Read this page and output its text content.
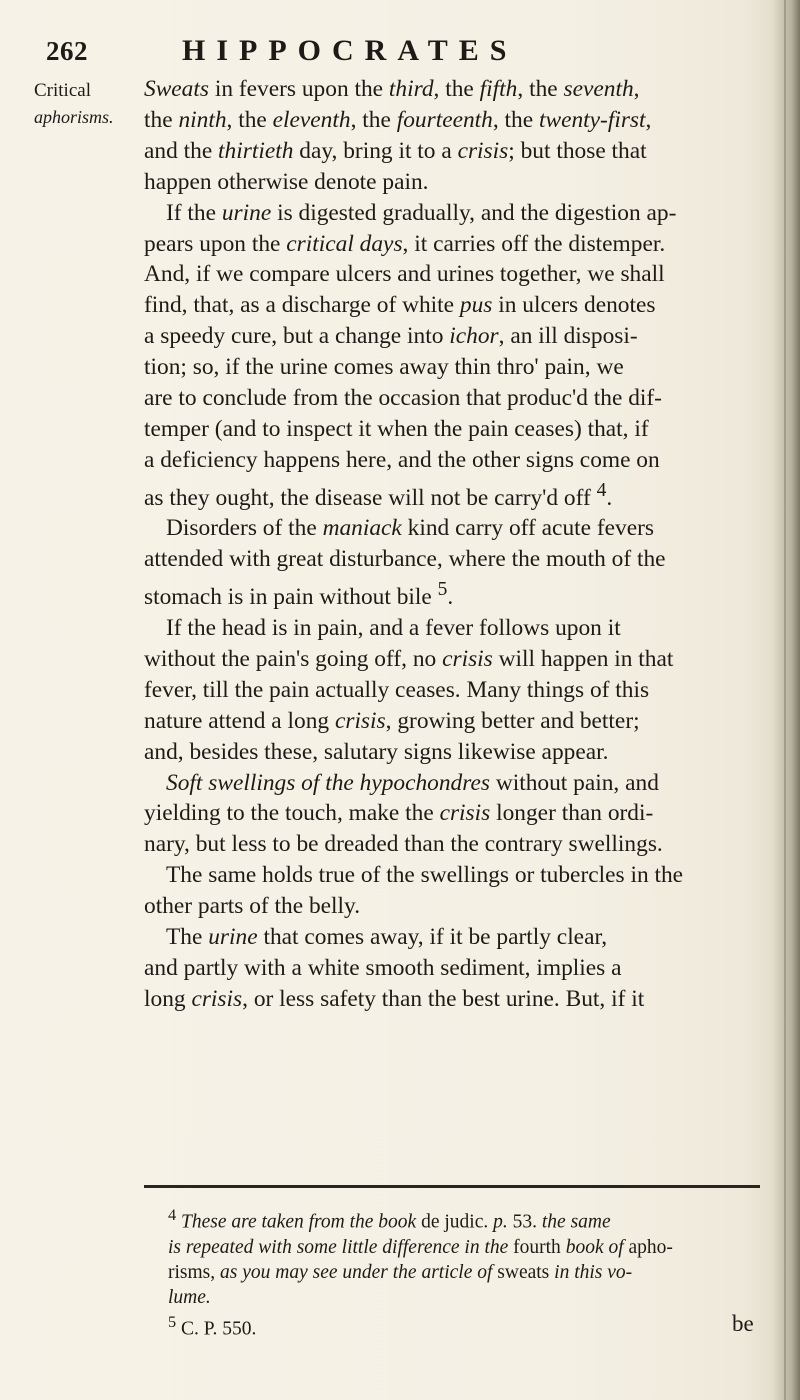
262	HIPPOCRATES
Critical
aphorisms.
Sweats in fevers upon the third, the fifth, the seventh,
the ninth, the eleventh, the fourteenth, the twenty-first,
and the thirtieth day, bring it to a crisis; but those that
happen otherwise denote pain.
If the urine is digested gradually, and the digestion ap-
pears upon the critical days, it carries off the distemper.
And, if we compare ulcers and urines together, we shall
find, that, as a discharge of white pus in ulcers denotes
a speedy cure, but a change into ichor, an ill disposi-
tion; so, if the urine comes away thin thro' pain, we
are to conclude from the occasion that produc'd the dif-
temper (and to inspect it when the pain ceases) that, if
a deficiency happens here, and the other signs come on
as they ought, the disease will not be carry'd off $^4$.
Disorders of the maniack kind carry off acute fevers
attended with great disturbance, where the mouth of the
stomach is in pain without bile $^5$.
If the head is in pain, and a fever follows upon it
without the pain's going off, no crisis will happen in that
fever, till the pain actually ceases. Many things of this
nature attend a long crisis, growing better and better;
and, besides these, salutary signs likewise appear.
Soft swellings of the hypochondres without pain, and
yielding to the touch, make the crisis longer than ordi-
nary, but less to be dreaded than the contrary swellings.
The same holds true of the swellings or tubercles in the
other parts of the belly.
The urine that comes away, if it be partly clear,
and partly with a white smooth sediment, implies a
long crisis, or less safety than the best urine. But, if it
$^4$ These are taken from the book de judic. p. 53. the same
is repeated with some little difference in the fourth book of apho-
risms, as you may see under the article of sweats in this vo-
lume.
$^5$ C. P. 550.	be
